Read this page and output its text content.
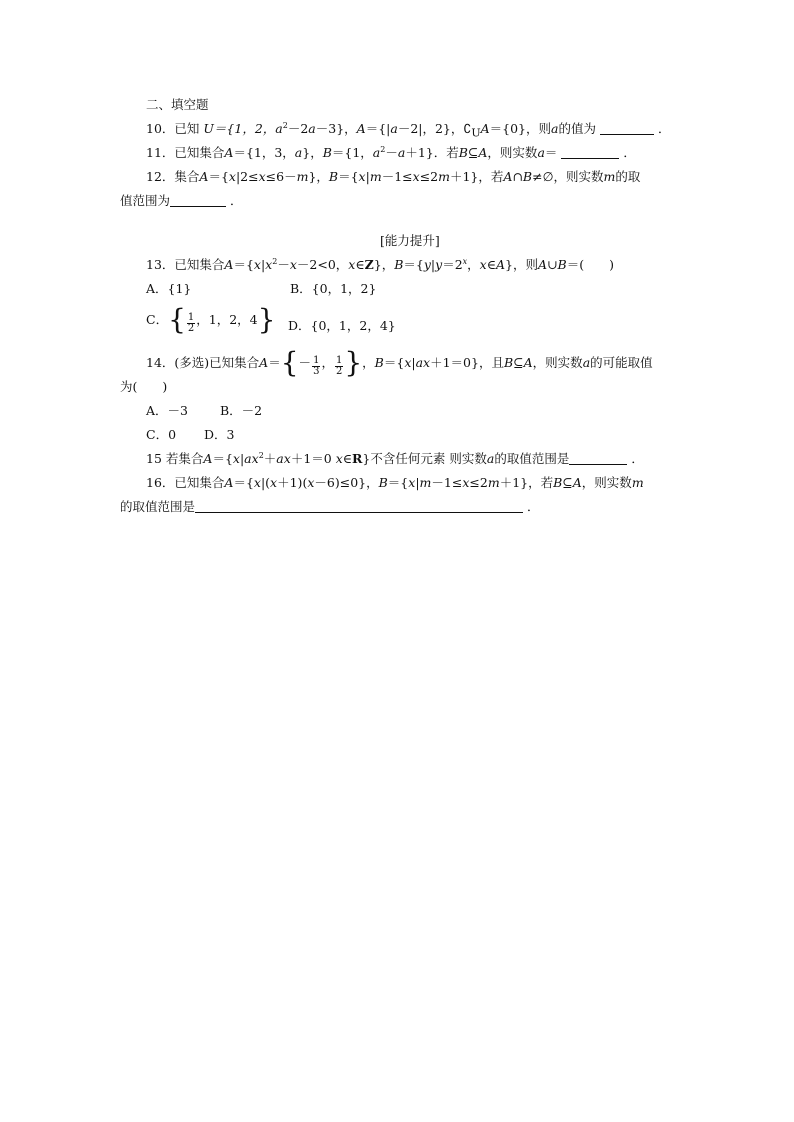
二、填空题
10．已知 U＝{1，2，$a^2-2a-3$}，A＝{|a－2|，2}，$∁_UA=\{0\}$，则a的值为	．
11．已知集合A＝{1，3，a}，B＝{1，$a^2-a+1$}．若B⊆A，则实数a＝	．
12．集合A＝{x|2≤x≤6－m}，B＝{x|m－1≤x≤2m＋1}，若A∩B≠∅，则实数m的取
值范围为	．
[能力提升]
13．已知集合$A=\{x|x^2-x-2<0$，x∈Z}，$B=\{y|y=2^x$，x∈A}，则A∪B＝(　　)
A．{1}	B．{0，1，2}
C．{ $\frac{1}{2}$ ，1，2，4} D．{0，1，2，4}
14．(多选)已知集合$A=\{- \frac{1}{3}$ ， $\frac{1}{2}$ }，B＝{x|ax＋1＝0}，且B⊆A，则实数a的可能取值
为(　　)
A．－3	B．－2
C．0 D．3
15 若集合$A=\{x|ax^2+ax+1=0$ x∈R}不含任何元素 则实数a的取值范围是	．
16．已知集合A＝{x|(x＋1)(x－6)≤0}，B＝{x|m－1≤x≤2m＋1}，若B⊆A，则实数m
的取值范围是	．
